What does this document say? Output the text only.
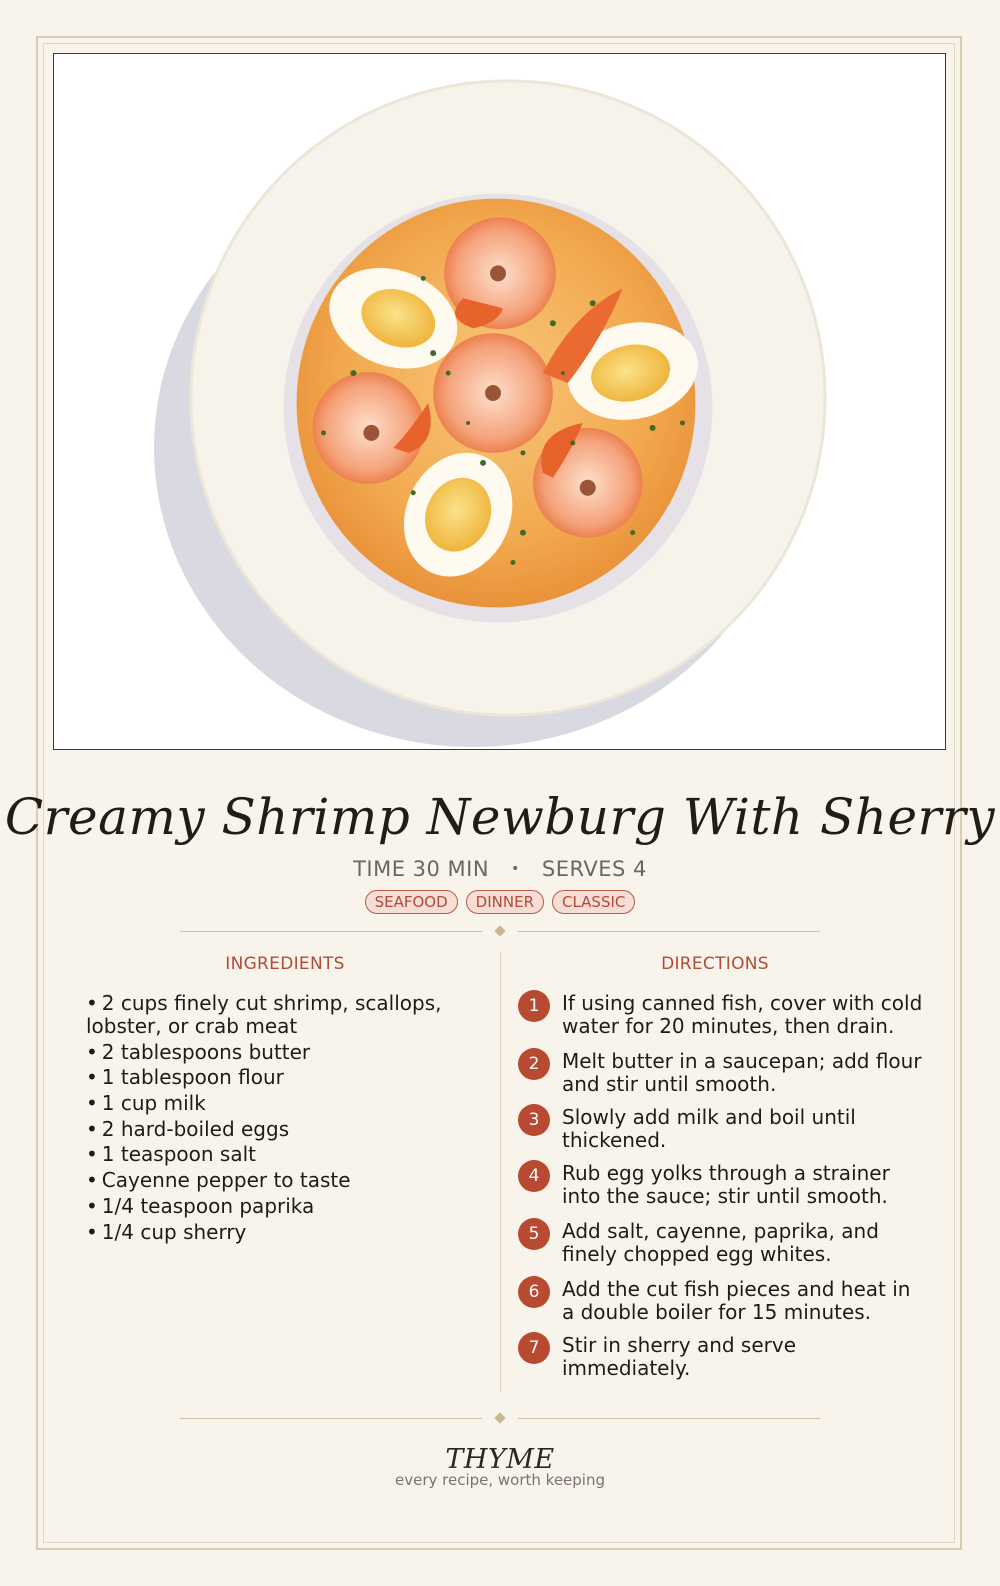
Creamy Shrimp Newburg With Sherry
TIME 30 MIN • SERVES 4
SEAFOOD	DINNER	CLASSIC
INGREDIENTS	DIRECTIONS
• 2 cups finely cut shrimp, scallops, lobster, or crab meat
• 2 tablespoons butter
• 1 tablespoon flour
• 1 cup milk
• 2 hard-boiled eggs
• 1 teaspoon salt
• Cayenne pepper to taste
• 1/4 teaspoon paprika
• 1/4 cup sherry
1	If using canned fish, cover with cold water for 20 minutes, then drain.
2	Melt butter in a saucepan; add flour and stir until smooth.
3	Slowly add milk and boil until thickened.
4	Rub egg yolks through a strainer into the sauce; stir until smooth.
5	Add salt, cayenne, paprika, and finely chopped egg whites.
6	Add the cut fish pieces and heat in a double boiler for 15 minutes.
7	Stir in sherry and serve immediately.
THYME
every recipe, worth keeping
